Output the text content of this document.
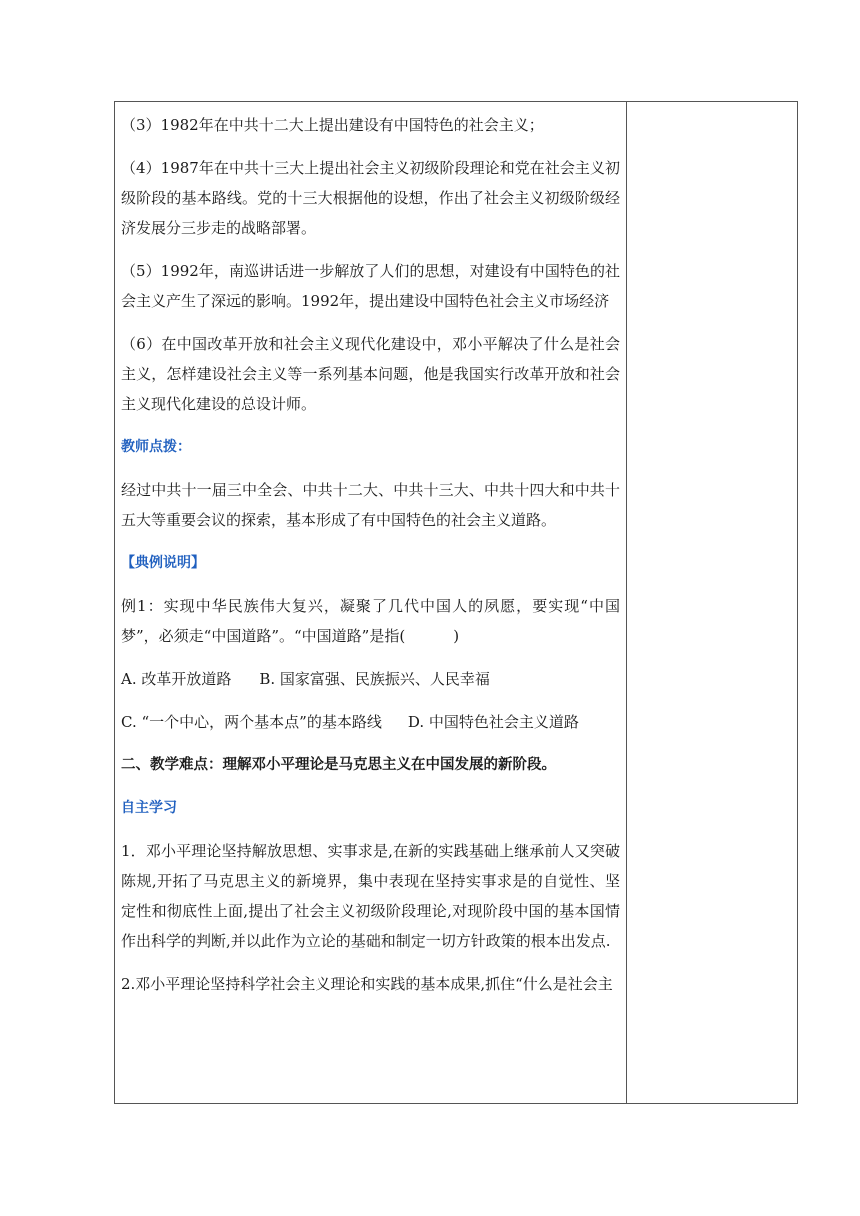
（3）1982年在中共十二大上提出建设有中国特色的社会主义；

（4）1987年在中共十三大上提出社会主义初级阶段理论和党在社会主义初级阶段的基本路线。党的十三大根据他的设想，作出了社会主义初级阶级经济发展分三步走的战略部署。

（5）1992年，南巡讲话进一步解放了人们的思想，对建设有中国特色的社会主义产生了深远的影响。1992年，提出建设中国特色社会主义市场经济

（6）在中国改革开放和社会主义现代化建设中，邓小平解决了什么是社会主义，怎样建设社会主义等一系列基本问题，他是我国实行改革开放和社会主义现代化建设的总设计师。

教师点拨：

经过中共十一届三中全会、中共十二大、中共十三大、中共十四大和中共十五大等重要会议的探索，基本形成了有中国特色的社会主义道路。

【典例说明】

例1：实现中华民族伟大复兴，凝聚了几代中国人的夙愿，要实现“中国梦”，必须走“中国道路”。“中国道路”是指(	)

A. 改革开放道路 B. 国家富强、民族振兴、人民幸福
C. “一个中心，两个基本点”的基本路线 D. 中国特色社会主义道路

二、教学难点：理解邓小平理论是马克思主义在中国发展的新阶段。

自主学习

1．邓小平理论坚持解放思想、实事求是,在新的实践基础上继承前人又突破陈规,开拓了马克思主义的新境界，集中表现在坚持实事求是的自觉性、坚定性和彻底性上面,提出了社会主义初级阶段理论,对现阶段中国的基本国情作出科学的判断,并以此作为立论的基础和制定一切方针政策的根本出发点.

2.邓小平理论坚持科学社会主义理论和实践的基本成果,抓住“什么是社会主
